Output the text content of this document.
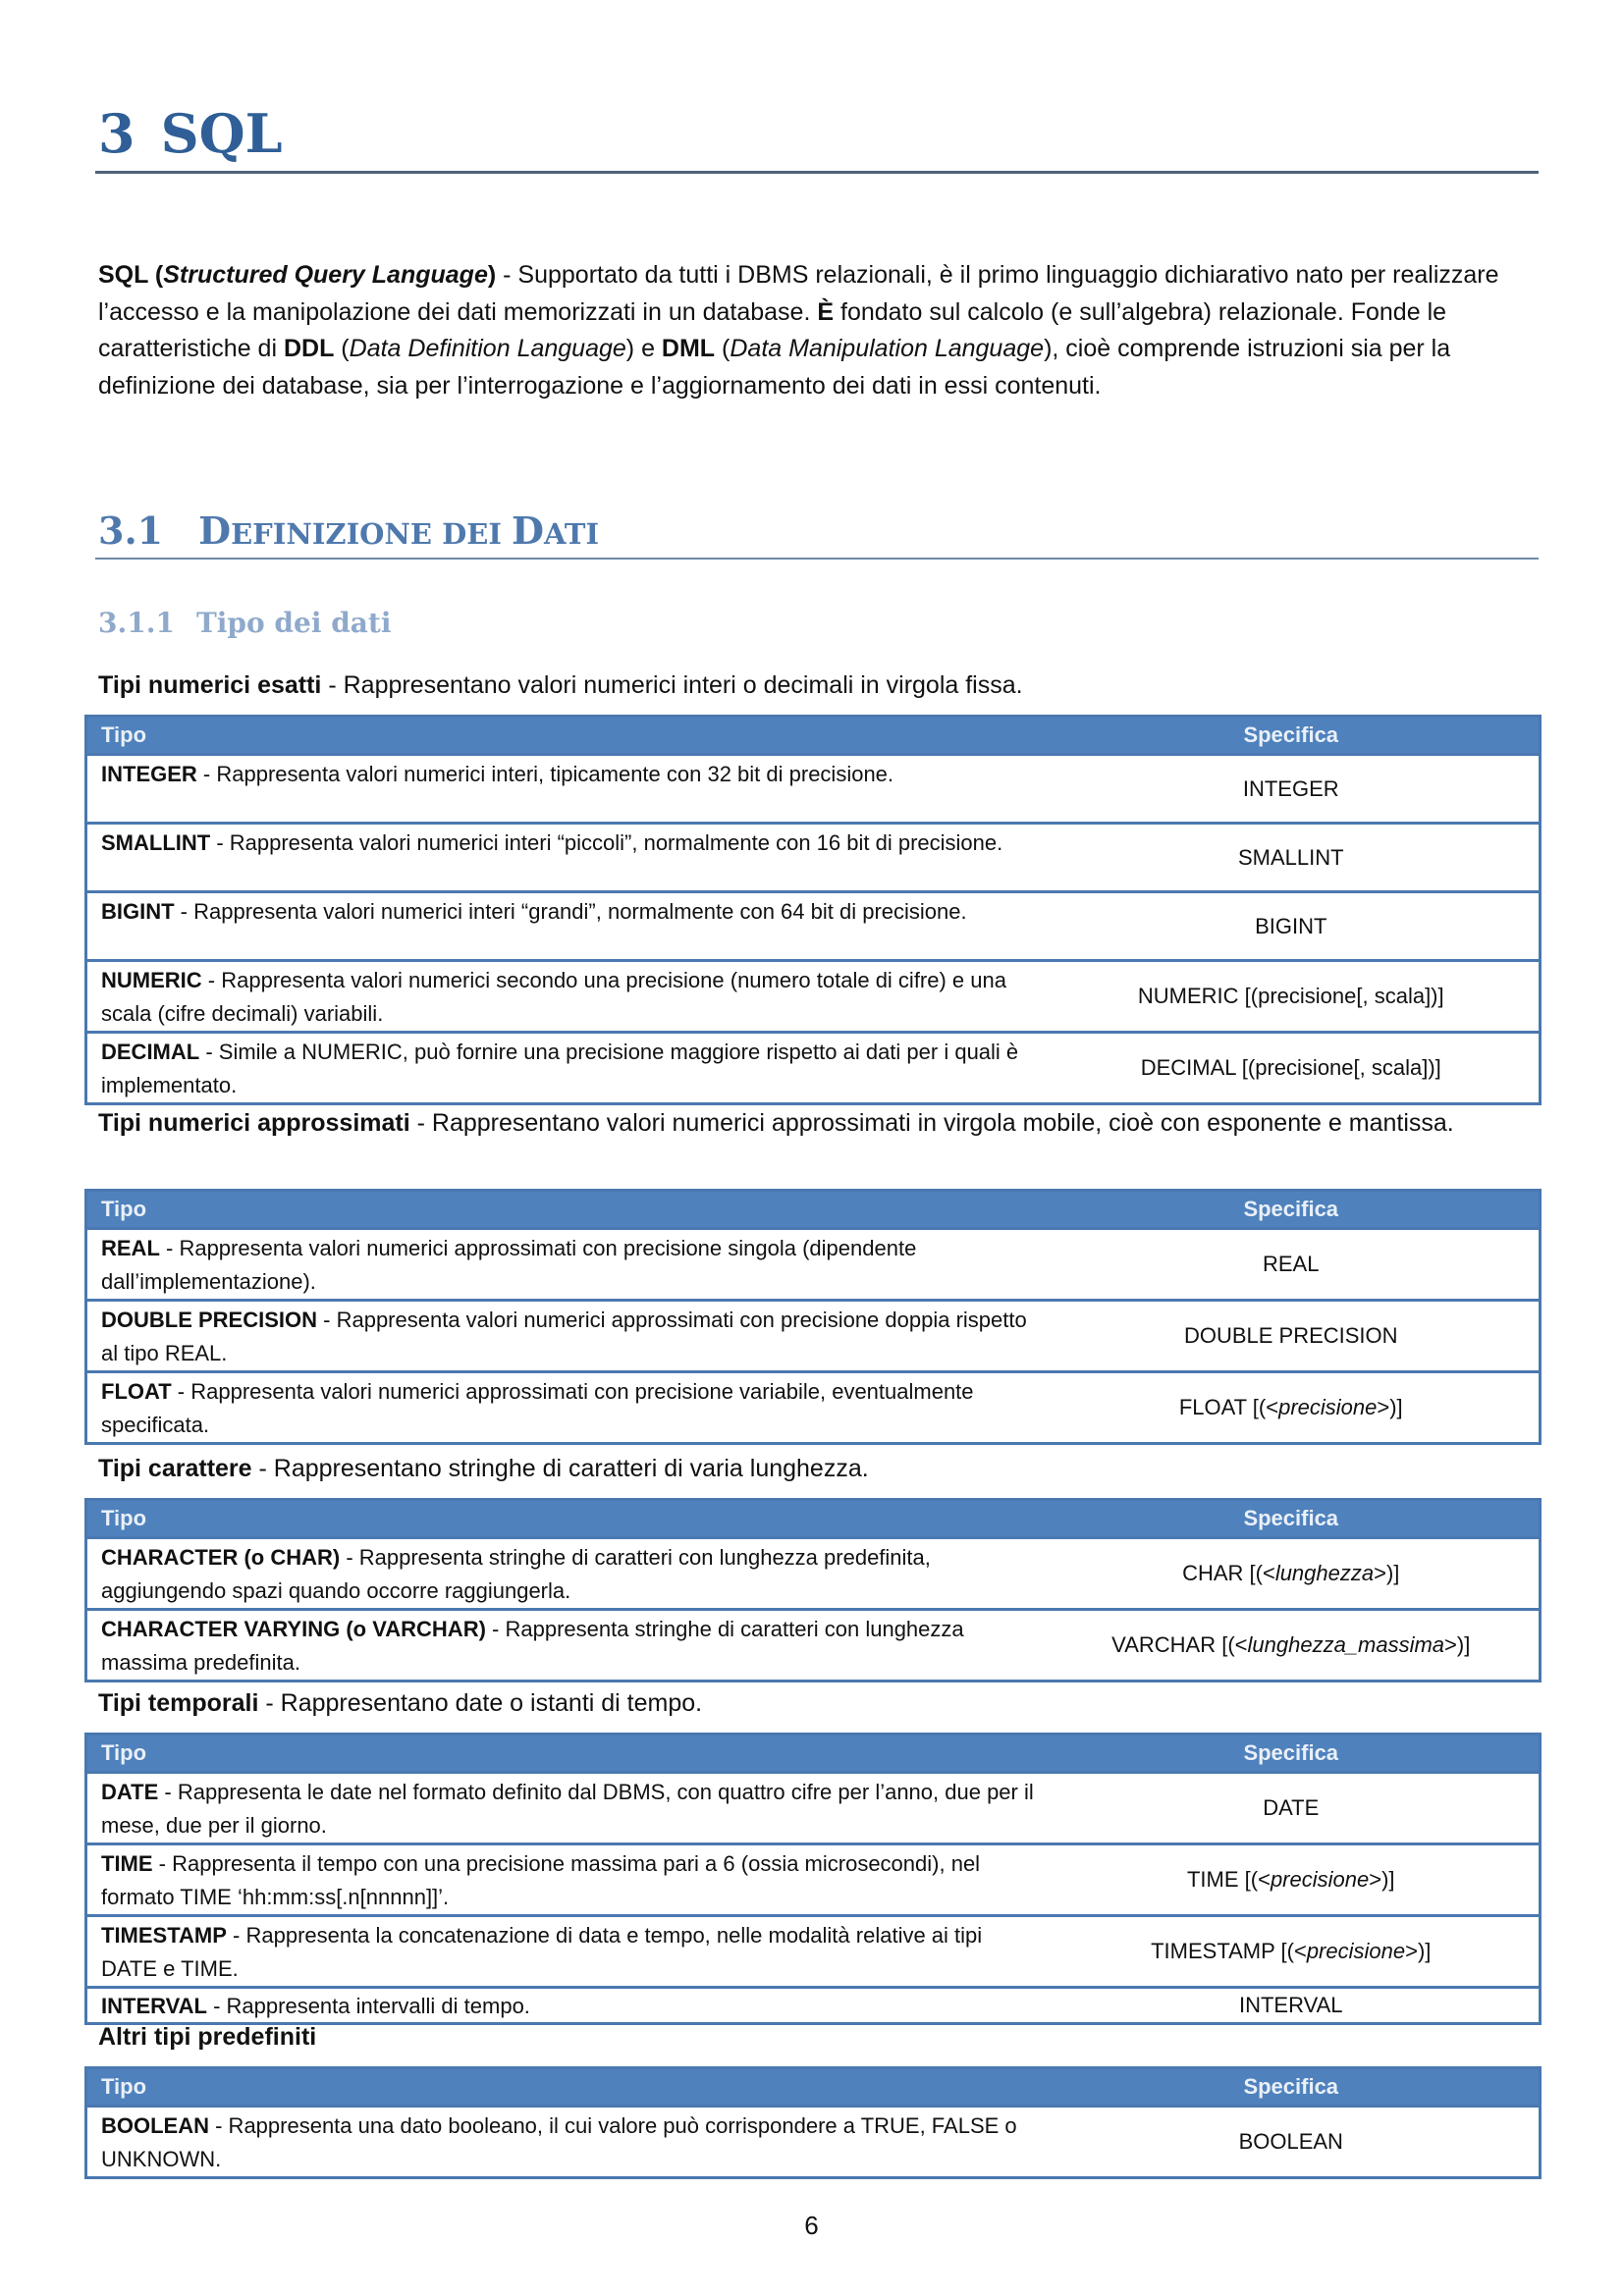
3 SQL
SQL (Structured Query Language) - Supportato da tutti i DBMS relazionali, è il primo linguaggio dichiarativo nato per realizzare l’accesso e la manipolazione dei dati memorizzati in un database. È fondato sul calcolo (e sull’algebra) relazionale. Fonde le caratteristiche di DDL (Data Definition Language) e DML (Data Manipulation Language), cioè comprende istruzioni sia per la definizione dei database, sia per l’interrogazione e l’aggiornamento dei dati in essi contenuti.
3.1 DEFINIZIONE DEI DATI
3.1.1 Tipo dei dati
Tipi numerici esatti - Rappresentano valori numerici interi o decimali in virgola fissa.
Tipo	Specifica
INTEGER - Rappresenta valori numerici interi, tipicamente con 32 bit di precisione.	INTEGER
SMALLINT - Rappresenta valori numerici interi “piccoli”, normalmente con 16 bit di precisione.	SMALLINT
BIGINT - Rappresenta valori numerici interi “grandi”, normalmente con 64 bit di precisione.	BIGINT
NUMERIC - Rappresenta valori numerici secondo una precisione (numero totale di cifre) e una scala (cifre decimali) variabili.	NUMERIC [(precisione[, scala])]
DECIMAL - Simile a NUMERIC, può fornire una precisione maggiore rispetto ai dati per i quali è implementato.	DECIMAL [(precisione[, scala])]
Tipi numerici approssimati - Rappresentano valori numerici approssimati in virgola mobile, cioè con esponente e mantissa.
Tipo	Specifica
REAL - Rappresenta valori numerici approssimati con precisione singola (dipendente dall’implementazione).	REAL
DOUBLE PRECISION - Rappresenta valori numerici approssimati con precisione doppia rispetto al tipo REAL.	DOUBLE PRECISION
FLOAT - Rappresenta valori numerici approssimati con precisione variabile, eventualmente specificata.	FLOAT [(<precisione>)]
Tipi carattere - Rappresentano stringhe di caratteri di varia lunghezza.
Tipo	Specifica
CHARACTER (o CHAR) - Rappresenta stringhe di caratteri con lunghezza predefinita, aggiungendo spazi quando occorre raggiungerla.	CHAR [(<lunghezza>)]
CHARACTER VARYING (o VARCHAR) - Rappresenta stringhe di caratteri con lunghezza massima predefinita.	VARCHAR [(<lunghezza_massima>)]
Tipi temporali - Rappresentano date o istanti di tempo.
Tipo	Specifica
DATE - Rappresenta le date nel formato definito dal DBMS, con quattro cifre per l’anno, due per il mese, due per il giorno.	DATE
TIME - Rappresenta il tempo con una precisione massima pari a 6 (ossia microsecondi), nel formato TIME ‘hh:mm:ss[.n[nnnnn]]’.	TIME [(<precisione>)]
TIMESTAMP - Rappresenta la concatenazione di data e tempo, nelle modalità relative ai tipi DATE e TIME.	TIMESTAMP [(<precisione>)]
INTERVAL - Rappresenta intervalli di tempo.	INTERVAL
Altri tipi predefiniti
Tipo	Specifica
BOOLEAN - Rappresenta una dato booleano, il cui valore può corrispondere a TRUE, FALSE o UNKNOWN.	BOOLEAN
6
